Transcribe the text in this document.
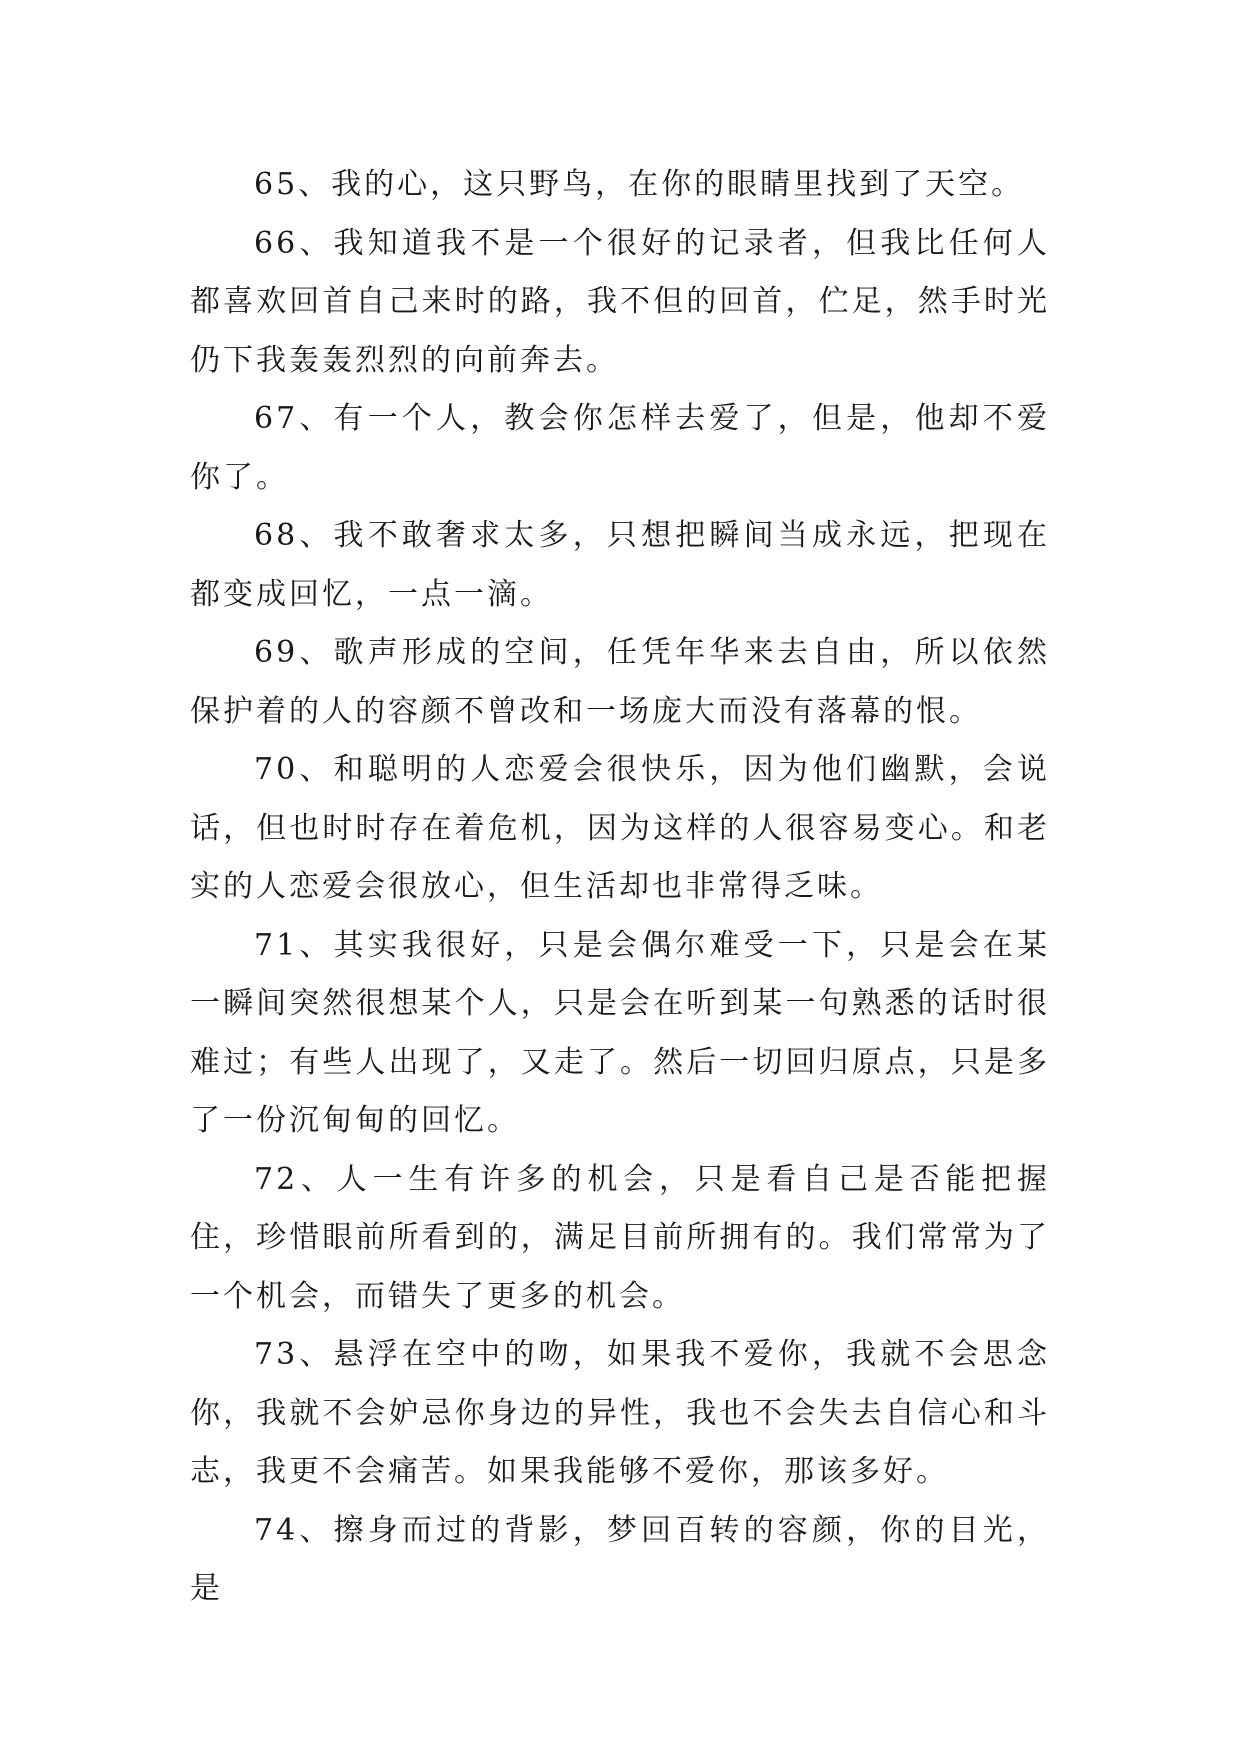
65、我的心，这只野鸟，在你的眼睛里找到了天空。

66、我知道我不是一个很好的记录者，但我比任何人都喜欢回首自己来时的路，我不但的回首，伫足，然手时光仍下我轰轰烈烈的向前奔去。

67、有一个人，教会你怎样去爱了，但是，他却不爱你了。

68、我不敢奢求太多，只想把瞬间当成永远，把现在都变成回忆，一点一滴。

69、歌声形成的空间，任凭年华来去自由，所以依然保护着的人的容颜不曾改和一场庞大而没有落幕的恨。

70、和聪明的人恋爱会很快乐，因为他们幽默，会说话，但也时时存在着危机，因为这样的人很容易变心。和老实的人恋爱会很放心，但生活却也非常得乏味。

71、其实我很好，只是会偶尔难受一下，只是会在某一瞬间突然很想某个人，只是会在听到某一句熟悉的话时很难过；有些人出现了，又走了。然后一切回归原点，只是多了一份沉甸甸的回忆。

72、人一生有许多的机会，只是看自己是否能把握住，珍惜眼前所看到的，满足目前所拥有的。我们常常为了一个机会，而错失了更多的机会。

73、悬浮在空中的吻，如果我不爱你，我就不会思念你，我就不会妒忌你身边的异性，我也不会失去自信心和斗志，我更不会痛苦。如果我能够不爱你，那该多好。

74、擦身而过的背影，梦回百转的容颜，你的目光，是
